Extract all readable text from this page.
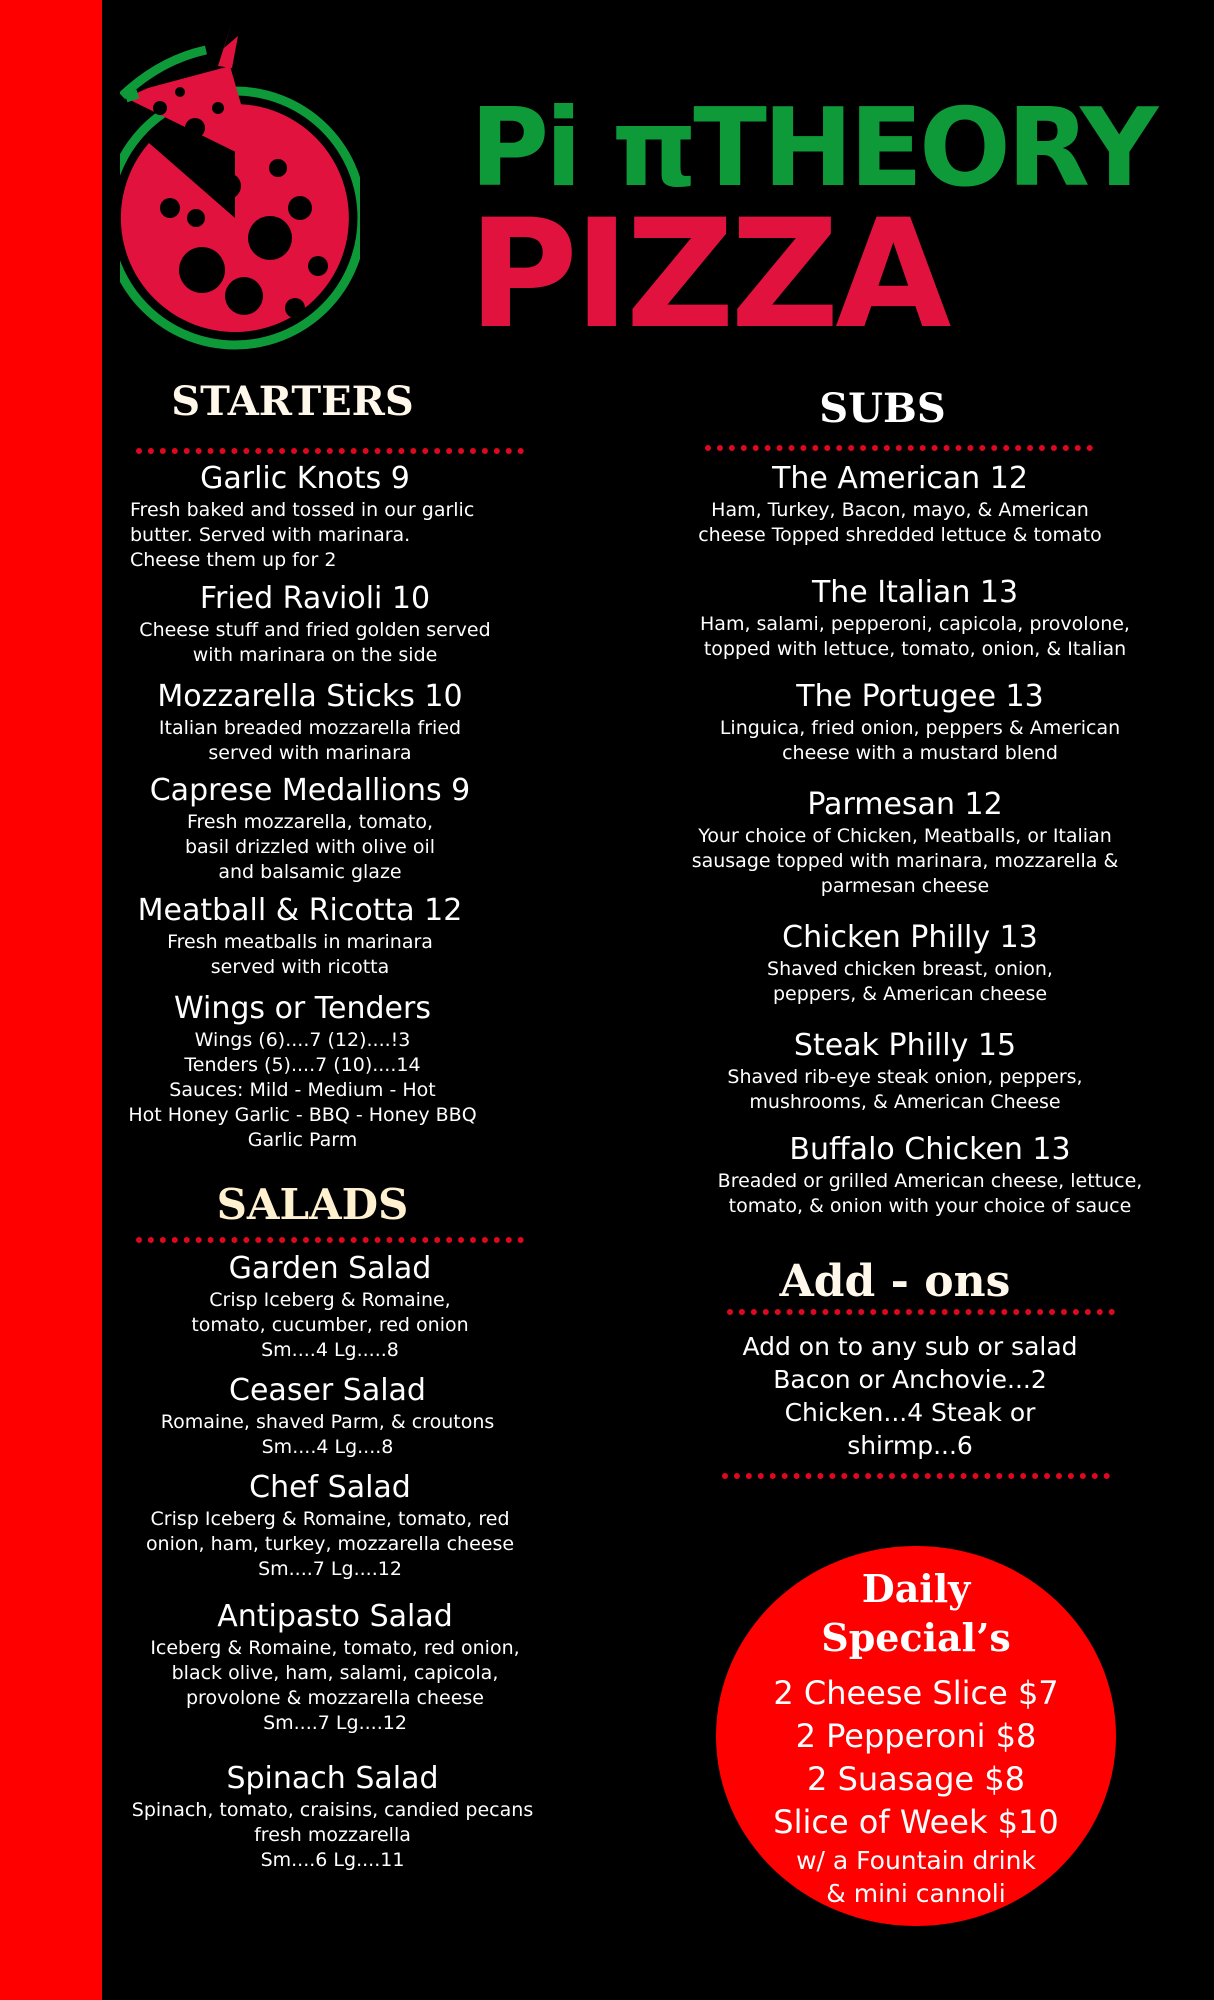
Pi πTHEORY
PIZZA
STARTERS
Garlic Knots 9
Fresh baked and tossed in our garlic butter. Served with marinara. Cheese them up for 2
Fried Ravioli 10
Cheese stuff and fried golden served with marinara on the side
Mozzarella Sticks 10
Italian breaded mozzarella fried served with marinara
Caprese Medallions 9
Fresh mozzarella, tomato, basil drizzled with olive oil and balsamic glaze
Meatball & Ricotta 12
Fresh meatballs in marinara served with ricotta
Wings or Tenders
Wings (6)....7 (12)....!3
Tenders (5)....7 (10)....14
Sauces: Mild - Medium - Hot
Hot Honey Garlic - BBQ - Honey BBQ
Garlic Parm
SALADS
Garden Salad
Crisp Iceberg & Romaine, tomato, cucumber, red onion
Sm....4 Lg.....8
Ceaser Salad
Romaine, shaved Parm, & croutons
Sm....4 Lg....8
Chef Salad
Crisp Iceberg & Romaine, tomato, red onion, ham, turkey, mozzarella cheese
Sm....7 Lg....12
Antipasto Salad
Iceberg & Romaine, tomato, red onion, black olive, ham, salami, capicola, provolone & mozzarella cheese
Sm....7 Lg....12
Spinach Salad
Spinach, tomato, craisins, candied pecans fresh mozzarella
Sm....6 Lg....11
SUBS
The American 12
Ham, Turkey, Bacon, mayo, & American cheese Topped shredded lettuce & tomato
The Italian 13
Ham, salami, pepperoni, capicola, provolone, topped with lettuce, tomato, onion, & Italian
The Portugee 13
Linguica, fried onion, peppers & American cheese with a mustard blend
Parmesan 12
Your choice of Chicken, Meatballs, or Italian sausage topped with marinara, mozzarella & parmesan cheese
Chicken Philly 13
Shaved chicken breast, onion, peppers, & American cheese
Steak Philly 15
Shaved rib-eye steak onion, peppers, mushrooms, & American Cheese
Buffalo Chicken 13
Breaded or grilled American cheese, lettuce, tomato, & onion with your choice of sauce
Add - ons
Add on to any sub or salad
Bacon or Anchovie...2
Chicken...4 Steak or
shirmp...6
Daily
Special’s
2 Cheese Slice $7
2 Pepperoni $8
2 Suasage $8
Slice of Week $10
w/ a Fountain drink
& mini cannoli
